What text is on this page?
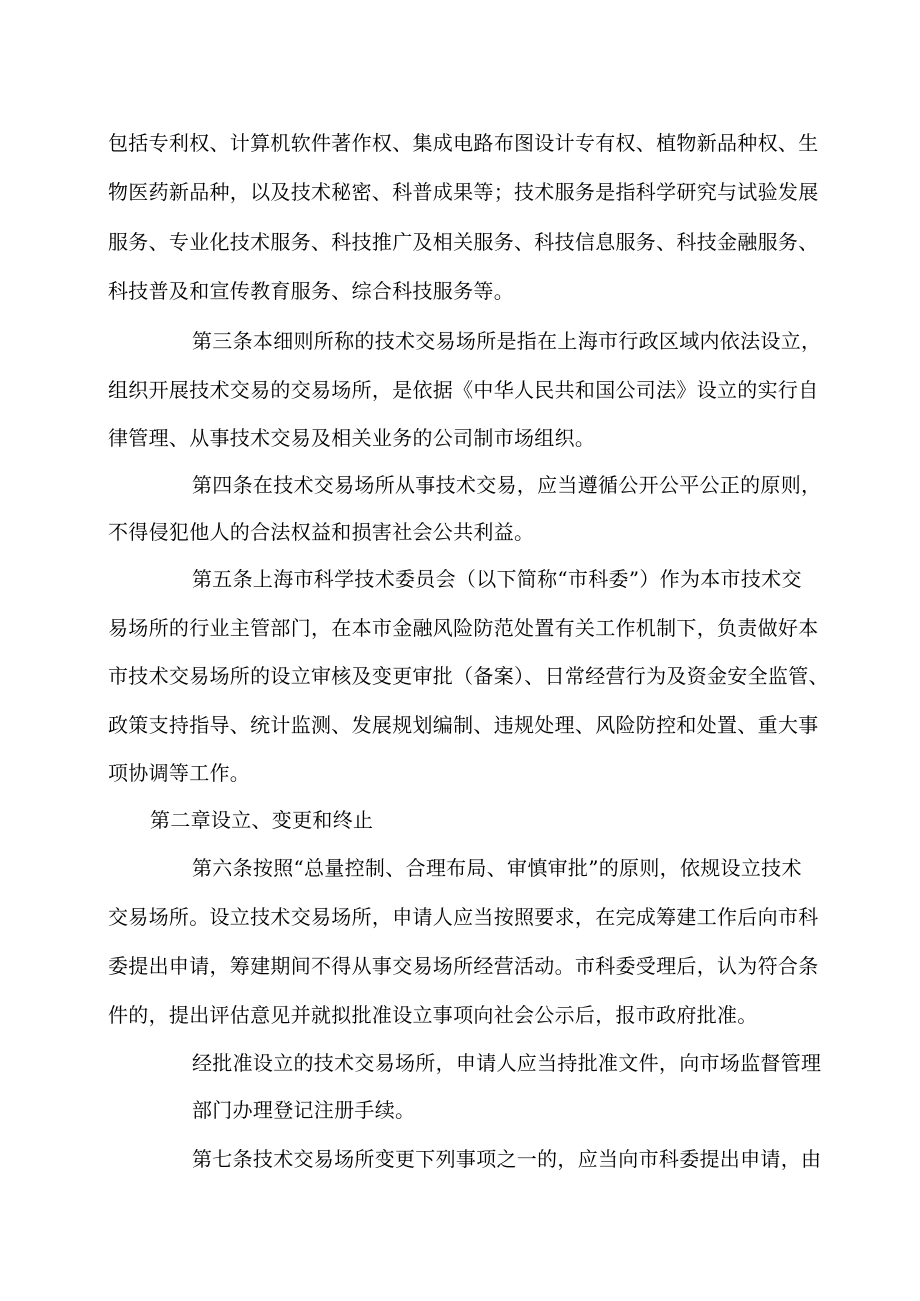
包括专利权、计算机软件著作权、集成电路布图设计专有权、植物新品种权、生
物医药新品种，以及技术秘密、科普成果等；技术服务是指科学研究与试验发展
服务、专业化技术服务、科技推广及相关服务、科技信息服务、科技金融服务、
科技普及和宣传教育服务、综合科技服务等。
第三条本细则所称的技术交易场所是指在上海市行政区域内依法设立，
组织开展技术交易的交易场所，是依据《中华人民共和国公司法》设立的实行自
律管理、从事技术交易及相关业务的公司制市场组织。
第四条在技术交易场所从事技术交易，应当遵循公开公平公正的原则，
不得侵犯他人的合法权益和损害社会公共利益。
第五条上海市科学技术委员会（以下简称“市科委”）作为本市技术交
易场所的行业主管部门，在本市金融风险防范处置有关工作机制下，负责做好本
市技术交易场所的设立审核及变更审批（备案）、日常经营行为及资金安全监管、
政策支持指导、统计监测、发展规划编制、违规处理、风险防控和处置、重大事
项协调等工作。
第二章设立、变更和终止
第六条按照“总量控制、合理布局、审慎审批”的原则，依规设立技术
交易场所。设立技术交易场所，申请人应当按照要求，在完成筹建工作后向市科
委提出申请，筹建期间不得从事交易场所经营活动。市科委受理后，认为符合条
件的，提出评估意见并就拟批准设立事项向社会公示后，报市政府批准。
经批准设立的技术交易场所，申请人应当持批准文件，向市场监督管理
部门办理登记注册手续。
第七条技术交易场所变更下列事项之一的，应当向市科委提出申请，由
